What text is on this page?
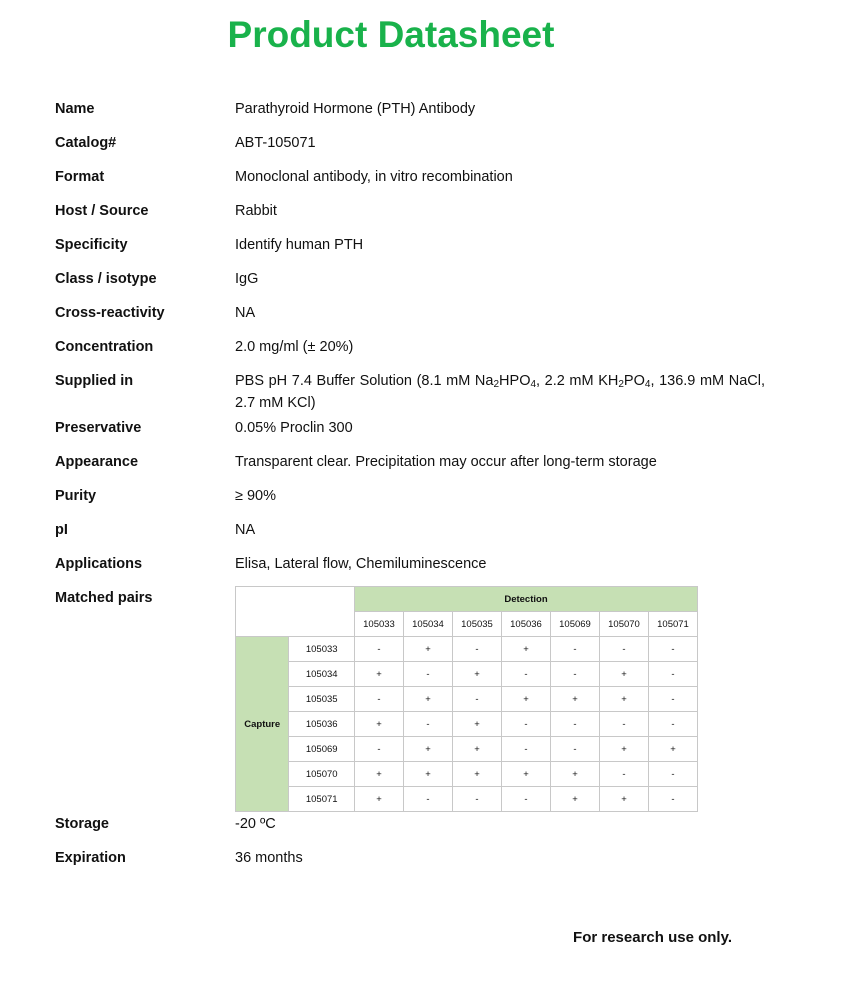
Product Datasheet
Name	Parathyroid Hormone (PTH) Antibody
Catalog#	ABT-105071
Format	Monoclonal antibody, in vitro recombination
Host / Source	Rabbit
Specificity	Identify human PTH
Class / isotype	IgG
Cross-reactivity	NA
Concentration	2.0 mg/ml (± 20%)
Supplied in	PBS pH 7.4 Buffer Solution (8.1 mM $Na_2HPO_4$, 2.2 mM $KH_2PO_4$, 136.9 mM NaCl, 2.7 mM KCl)
Preservative	0.05% Proclin 300
Appearance	Transparent clear. Precipitation may occur after long-term storage
Purity	≥ 90%
pI	NA
Applications	Elisa, Lateral flow, Chemiluminescence
Matched pairs
		Detection						
		105033	105034	105035	105036	105069	105070	105071
Capture	105033	-	+	-	+	-	-	-
	105034	+	-	+	-	-	+	-
	105035	-	+	-	+	+	+	-
	105036	+	-	+	-	-	-	-
	105069	-	+	+	-	-	+	+
	105070	+	+	+	+	+	-	-
	105071	+	-	-	-	+	+	-
Storage	-20 ºC
Expiration	36 months
For research use only.
